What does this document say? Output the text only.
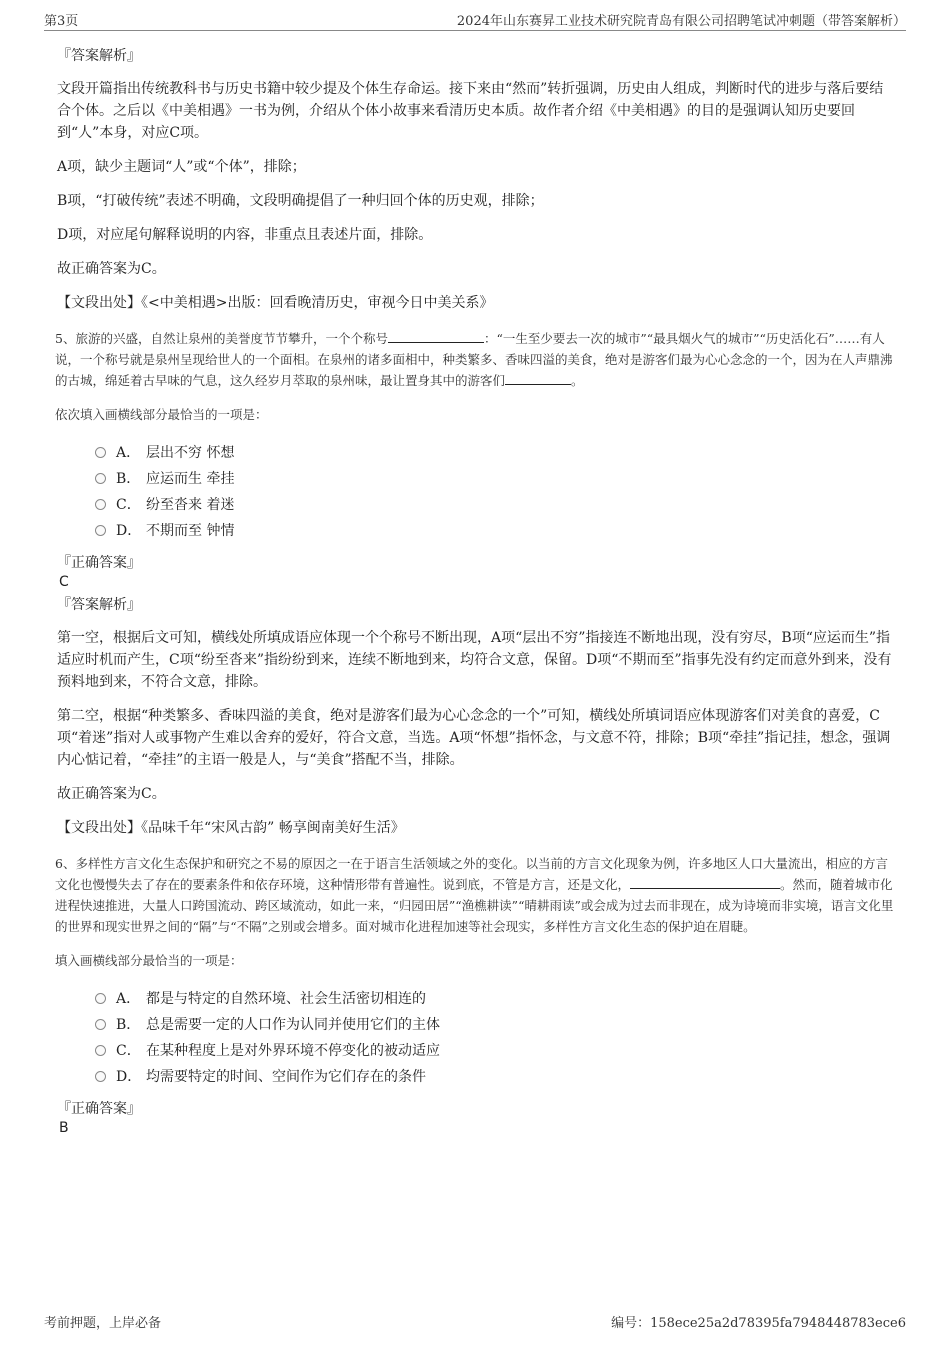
第3页	2024年山东赛昇工业技术研究院青岛有限公司招聘笔试冲刺题（带答案解析）
『答案解析』

文段开篇指出传统教科书与历史书籍中较少提及个体生存命运。接下来由“然而”转折强调，历史由人组成，判断时代的进步与落后要结合个体。之后以《中美相遇》一书为例，介绍从个体小故事来看清历史本质。故作者介绍《中美相遇》的目的是强调认知历史要回到“人”本身，对应C项。

A项，缺少主题词“人”或“个体”，排除；

B项，“打破传统”表述不明确，文段明确提倡了一种归回个体的历史观，排除；

D项，对应尾句解释说明的内容，非重点且表述片面，排除。

故正确答案为C。

【文段出处】《<中美相遇>出版：回看晚清历史，审视今日中美关系》

5、旅游的兴盛，自然让泉州的美誉度节节攀升，一个个称号	：“一生至少要去一次的城市”“最具烟火气的城市”“历史活化石”……有人说，一个称号就是泉州呈现给世人的一个面相。在泉州的诸多面相中，种类繁多、香味四溢的美食，绝对是游客们最为心心念念的一个，因为在人声鼎沸的古城，绵延着古早味的气息，这久经岁月萃取的泉州味，最让置身其中的游客们	。

依次填入画横线部分最恰当的一项是：

A． 层出不穷 怀想
B． 应运而生 牵挂
C． 纷至沓来 着迷
D． 不期而至 钟情
『正确答案』
C
『答案解析』

第一空，根据后文可知，横线处所填成语应体现一个个称号不断出现，A项“层出不穷”指接连不断地出现，没有穷尽，B项“应运而生”指适应时机而产生，C项“纷至沓来”指纷纷到来，连续不断地到来，均符合文意，保留。D项“不期而至”指事先没有约定而意外到来，没有预料地到来，不符合文意，排除。

第二空，根据“种类繁多、香味四溢的美食，绝对是游客们最为心心念念的一个”可知，横线处所填词语应体现游客们对美食的喜爱，C项“着迷”指对人或事物产生难以舍弃的爱好，符合文意，当选。A项“怀想”指怀念，与文意不符，排除；B项“牵挂”指记挂，想念，强调内心惦记着，“牵挂”的主语一般是人，与“美食”搭配不当，排除。

故正确答案为C。

【文段出处】《品味千年“宋风古韵” 畅享闽南美好生活》

6、多样性方言文化生态保护和研究之不易的原因之一在于语言生活领域之外的变化。以当前的方言文化现象为例，许多地区人口大量流出，相应的方言文化也慢慢失去了存在的要素条件和依存环境，这种情形带有普遍性。说到底，不管是方言，还是文化，	。然而，随着城市化进程快速推进，大量人口跨国流动、跨区域流动，如此一来，“归园田居”“渔樵耕读”“晴耕雨读”或会成为过去而非现在，成为诗境而非实境，语言文化里的世界和现实世界之间的“隔”与“不隔”之别或会增多。面对城市化进程加速等社会现实，多样性方言文化生态的保护迫在眉睫。

填入画横线部分最恰当的一项是：

A． 都是与特定的自然环境、社会生活密切相连的
B． 总是需要一定的人口作为认同并使用它们的主体
C． 在某种程度上是对外界环境不停变化的被动适应
D． 均需要特定的时间、空间作为它们存在的条件
『正确答案』
B
考前押题，上岸必备	编号：158ece25a2d78395fa7948448783ece6
